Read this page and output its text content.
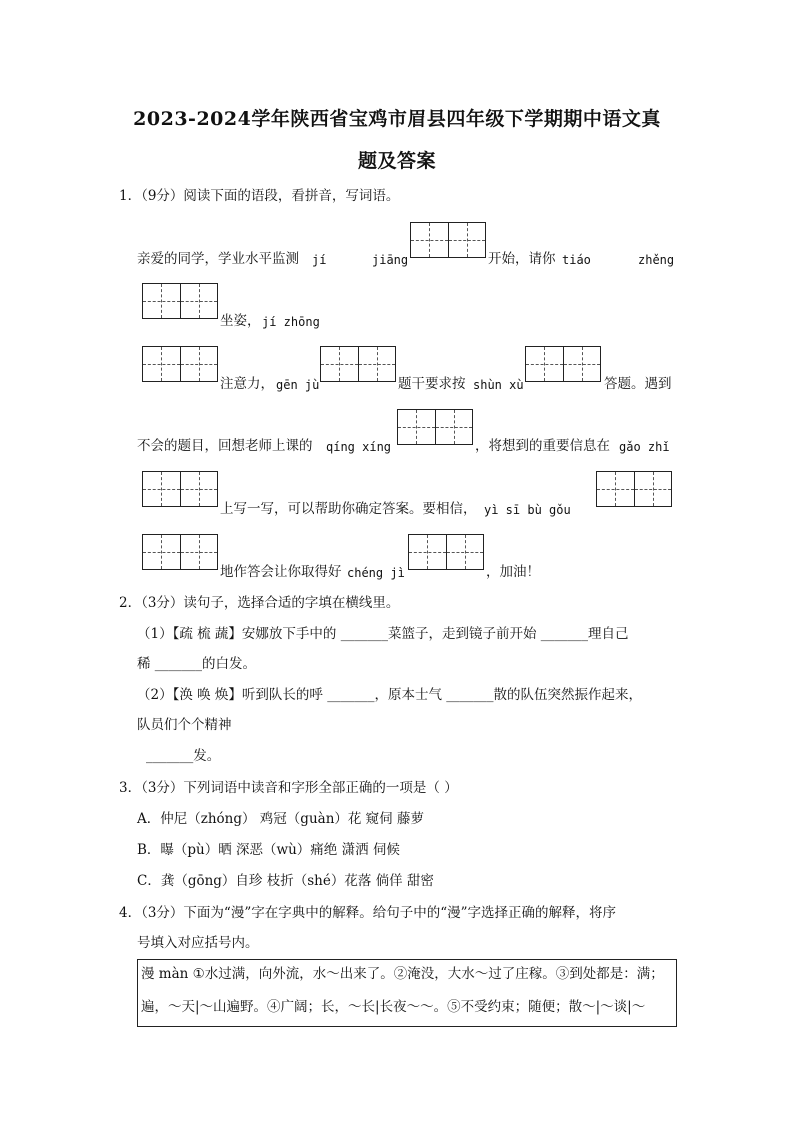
2023-2024学年陕西省宝鸡市眉县四年级下学期期中语文真
题及答案
1．（9分）阅读下面的语段，看拼音，写词语。
亲爱的同学，学业水平监测 jí	jiāng	开始，请你 tiáo	zhěng
坐姿， jí zhōng
注意力， gēn jù	题干要求按 shùn xù	答题。遇到
不会的题目，回想老师上课的 qíng xíng	，将想到的重要信息在 gǎo zhǐ
上写一写，可以帮助你确定答案。要相信， yì sī bù gǒu
地作答会让你取得好 chéng jì	，加油！
2．（3分）读句子，选择合适的字填在横线里。
（1）【疏 梳 蔬】安娜放下手中的 _______菜篮子，走到镜子前开始 _______理自己
稀 _______的白发。
（2）【涣 唤 焕】听到队长的呼 _______，原本士气 _______散的队伍突然振作起来，
队员们个个精神
_______发。
3．（3分）下列词语中读音和字形全部正确的一项是（ ）
A．仲尼（zhóng） 鸡冠（guàn）花 窥伺 藤萝
B．曝（pù）晒 深恶（wù）痛绝 潇洒 伺候
C．龚（gōng）自珍 枝折（shé）花落 倘佯 甜密
4．（3分）下面为“漫”字在字典中的解释。给句子中的“漫”字选择正确的解释，将序
号填入对应括号内。
漫 màn ①水过满，向外流，水～出来了。②淹没，大水～过了庄稼。③到处都是：满；
遍，～天|～山遍野。④广阔；长，～长|长夜～～。⑤不受约束；随便；散～|～谈|～
